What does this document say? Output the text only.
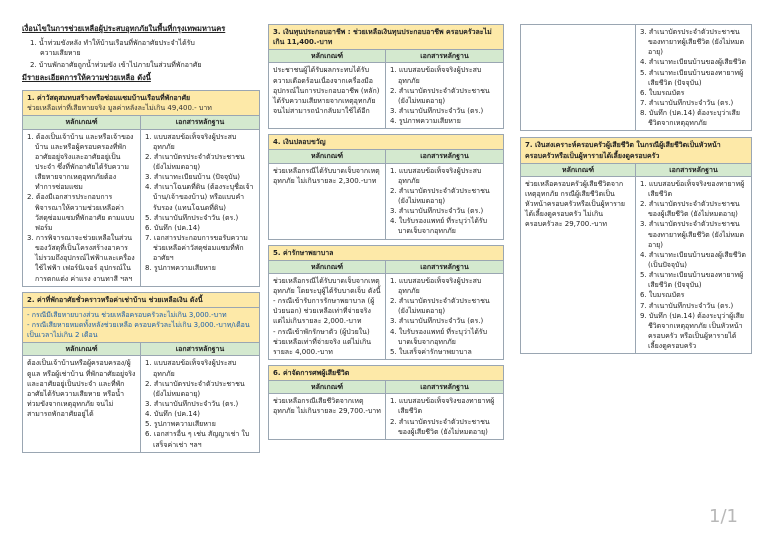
เงื่อนไขในการช่วยเหลือผู้ประสบอุทกภัยในพื้นที่กรุงเทพมหานคร
1. น้ำท่วมขังหลัง ทำให้บ้านเรือนที่พักอาศัยประจำได้รับ
ความเสียหาย
2. บ้านพักอาศัยถูกน้ำท่วมขัง เข้าไปภายในส่วนที่พักอาศัย
มีรายละเอียดการให้ความช่วยเหลือ ดังนี้
1. ค่าวัสดุสมทบสร้างหรือซ่อมแซมบ้านเรือนที่พักอาศัย
ช่วยเหลือเท่าที่เสียหายจริง มูลค่าหลังละไม่เกิน 49,400.- บาท
หลักเกณฑ์
1. ต้องเป็นเจ้าบ้าน และหรือเจ้าของบ้าน และหรือผู้ครอบครองที่พักอาศัยอยู่จริงและอาศัยอยู่เป็นประจำ ซึ่งที่พักอาศัยได้รับความเสียหายจากเหตุอุทกภัยต้องทำการซ่อมแซม
2. ต้องมีเอกสารประกอบการพิจารณาให้ความช่วยเหลือค่าวัสดุซ่อมแซมที่พักอาศัย ตามแบบฟอร์ม
3. การพิจารณาจะช่วยเหลือในส่วนของวัสดุที่เป็นโครงสร้างอาคาร ไม่รวมถึงอุปกรณ์ไฟฟ้าและเครื่องใช้ไฟฟ้า เฟอร์นิเจอร์ อุปกรณ์ในการตกแต่ง ค่าแรง งานทาสี ฯลฯ
เอกสารหลักฐาน
1. แบบสอบข้อเท็จจริงผู้ประสบอุทกภัย
2. สำเนาบัตรประจำตัวประชาชน (ยังไม่หมดอายุ)
3. สำเนาทะเบียนบ้าน (ปัจจุบัน)
4. สำเนาโฉนดที่ดิน (ต้องระบุชื่อเจ้าบ้าน/เจ้าของบ้าน) หรือแบบคำรับรอง (แทนโฉนดที่ดิน)
5. สำเนาบันทึกประจำวัน (ตร.)
6. บันทึก (ปค.14)
7. เอกสารประกอบการขอรับความช่วยเหลือค่าวัสดุซ่อมแซมที่พักอาศัยฯ
8. รูปภาพความเสียหาย
2. ค่าที่พักอาศัยชั่วคราวหรือค่าเช่าบ้าน ช่วยเหลือเงิน ดังนี้
- กรณีมีเสียหายบางส่วน ช่วยเหลือครอบครัวละไม่เกิน 3,000.-บาท
- กรณีเสียหายหมดทั้งหลังช่วยเหลือ ครอบครัวละไม่เกิน 3,000.-บาท/เดือน เป็นเวลาไม่เกิน 2 เดือน
หลักเกณฑ์
ต้องเป็นเจ้าบ้านหรือผู้ครอบครอง/ผู้ดูแล หรือผู้เช่าบ้าน ที่พักอาศัยอยู่จริงและอาศัยอยู่เป็นประจำ และที่พักอาศัยได้รับความเสียหาย หรือน้ำท่วมขังจากเหตุอุทกภัย จนไม่สามารถพักอาศัยอยู่ได้
เอกสารหลักฐาน
1. แบบสอบข้อเท็จจริงผู้ประสบอุทกภัย
2. สำเนาบัตรประจำตัวประชาชน (ยังไม่หมดอายุ)
3. สำเนาบันทึกประจำวัน (ตร.)
4. บันทึก (ปค.14)
5. รูปภาพความเสียหาย
6. เอกสารอื่น ๆ เช่น สัญญาเช่า ใบเสร็จค่าเช่า ฯลฯ
3. เงินทุนประกอบอาชีพ : ช่วยเหลือเงินทุนประกอบอาชีพ ครอบครัวละไม่เกิน 11,400.-บาท
หลักเกณฑ์
ประชาชนผู้ได้รับผลกระทบได้รับความเดือดร้อนเนื่องจากเครื่องมืออุปกรณ์ในการประกอบอาชีพ (หลัก) ได้รับความเสียหายจากเหตุอุทกภัย จนไม่สามารถนำกลับมาใช้ได้อีก
เอกสารหลักฐาน
1. แบบสอบข้อเท็จจริงผู้ประสบอุทกภัย
2. สำเนาบัตรประจำตัวประชาชน (ยังไม่หมดอายุ)
3. สำเนาบันทึกประจำวัน (ตร.)
4. รูปภาพความเสียหาย
4. เงินปลอบขวัญ
หลักเกณฑ์
ช่วยเหลือกรณีได้รับบาดเจ็บจากเหตุอุทกภัย ไม่เกินรายละ 2,300.-บาท
เอกสารหลักฐาน
1. แบบสอบข้อเท็จจริงผู้ประสบอุทกภัย
2. สำเนาบัตรประจำตัวประชาชน (ยังไม่หมดอายุ)
3. สำเนาบันทึกประจำวัน (ตร.)
4. ใบรับรองแพทย์ ที่ระบุว่าได้รับบาดเจ็บจากอุทกภัย
5. ค่ารักษาพยาบาล
หลักเกณฑ์
ช่วยเหลือกรณีได้รับบาดเจ็บจากเหตุอุทกภัย โดยระบุผู้ได้รับบาดเจ็บ ดังนี้
- กรณีเข้ารับการรักษาพยาบาล (ผู้ป่วยนอก) ช่วยเหลือเท่าที่จ่ายจริง แต่ไม่เกินรายละ 2,000.-บาท
- กรณีเข้าพักรักษาตัว (ผู้ป่วยใน) ช่วยเหลือเท่าที่จ่ายจริง แต่ไม่เกินรายละ 4,000.-บาท
เอกสารหลักฐาน
1. แบบสอบข้อเท็จจริงผู้ประสบอุทกภัย
2. สำเนาบัตรประจำตัวประชาชน (ยังไม่หมดอายุ)
3. สำเนาบันทึกประจำวัน (ตร.)
4. ใบรับรองแพทย์ ที่ระบุว่าได้รับบาดเจ็บจากอุทกภัย
5. ใบเสร็จค่ารักษาพยาบาล
6. ค่าจัดการศพผู้เสียชีวิต
หลักเกณฑ์
ช่วยเหลือกรณีเสียชีวิตจากเหตุอุทกภัย ไม่เกินรายละ 29,700.-บาท
เอกสารหลักฐาน
1. แบบสอบข้อเท็จจริงของทายาทผู้เสียชีวิต
2. สำเนาบัตรประจำตัวประชาชนของผู้เสียชีวิต (ยังไม่หมดอายุ)
3. สำเนาบัตรประจำตัวประชาชนของทายาทผู้เสียชีวิต (ยังไม่หมดอายุ)
4. สำเนาทะเบียนบ้านของผู้เสียชีวิต
5. สำเนาทะเบียนบ้านของทายาทผู้เสียชีวิต (ปัจจุบัน)
6. ใบมรณบัตร
7. สำเนาบันทึกประจำวัน (ตร.)
8. บันทึก (ปค.14) ต้องระบุว่าเสียชีวิตจากเหตุอุทกภัย
7. เงินสงเคราะห์ครอบครัวผู้เสียชีวิต ในกรณีผู้เสียชีวิตเป็นหัวหน้าครอบครัวหรือเป็นผู้หารายได้เลี้ยงดูครอบครัว
หลักเกณฑ์
ช่วยเหลือครอบครัวผู้เสียชีวิตจากเหตุอุทกภัย กรณีผู้เสียชีวิตเป็นหัวหน้าครอบครัวหรือเป็นผู้หารายได้เลี้ยงดูครอบครัว ไม่เกินครอบครัวละ 29,700.-บาท
เอกสารหลักฐาน
1. แบบสอบข้อเท็จจริงของทายาทผู้เสียชีวิต
2. สำเนาบัตรประจำตัวประชาชนของผู้เสียชีวิต (ยังไม่หมดอายุ)
3. สำเนาบัตรประจำตัวประชาชนของทายาทผู้เสียชีวิต (ยังไม่หมดอายุ)
4. สำเนาทะเบียนบ้านของผู้เสียชีวิต (เป็นปัจจุบัน)
5. สำเนาทะเบียนบ้านของทายาทผู้เสียชีวิต (ปัจจุบัน)
6. ใบมรณบัตร
7. สำเนาบันทึกประจำวัน (ตร.)
9. บันทึก (ปค.14) ต้องระบุว่าผู้เสียชีวิตจากเหตุอุทกภัย เป็นหัวหน้าครอบครัว หรือเป็นผู้หารายได้เลี้ยงดูครอบครัว
1/1
